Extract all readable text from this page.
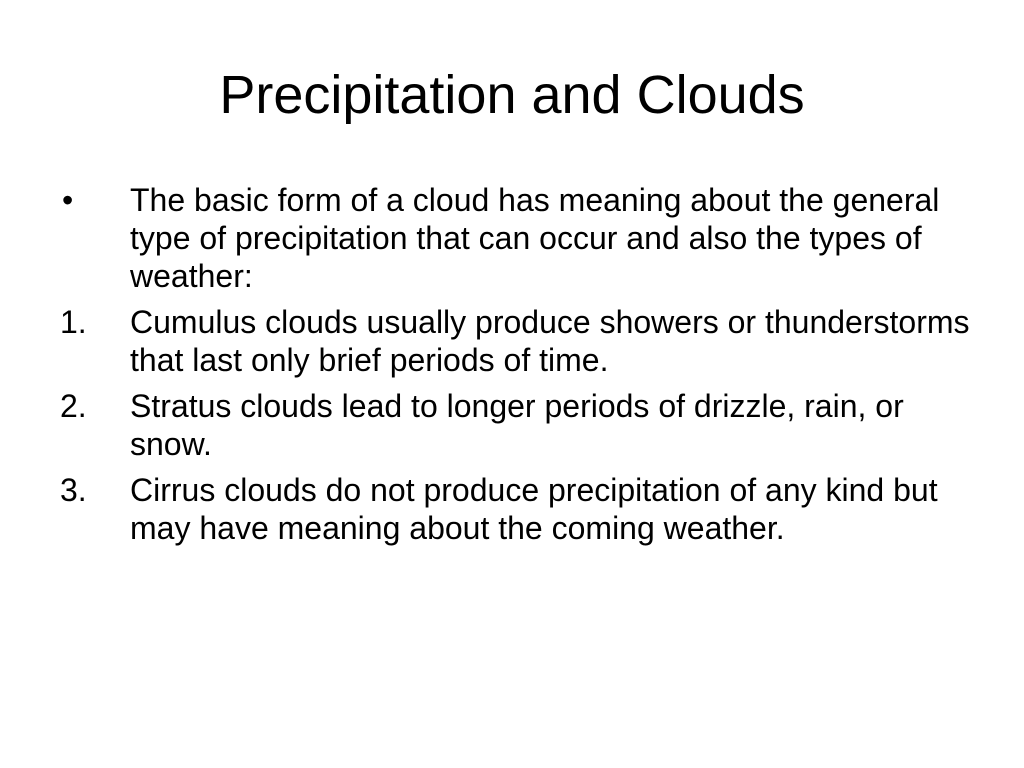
Precipitation and Clouds
•	The basic form of a cloud has meaning about the general type of precipitation that can occur and also the types of weather:
1.	Cumulus clouds usually produce showers or thunderstorms that last only brief periods of time.
2.	Stratus clouds lead to longer periods of drizzle, rain, or snow.
3.	Cirrus clouds do not produce precipitation of any kind but may have meaning about the coming weather.
